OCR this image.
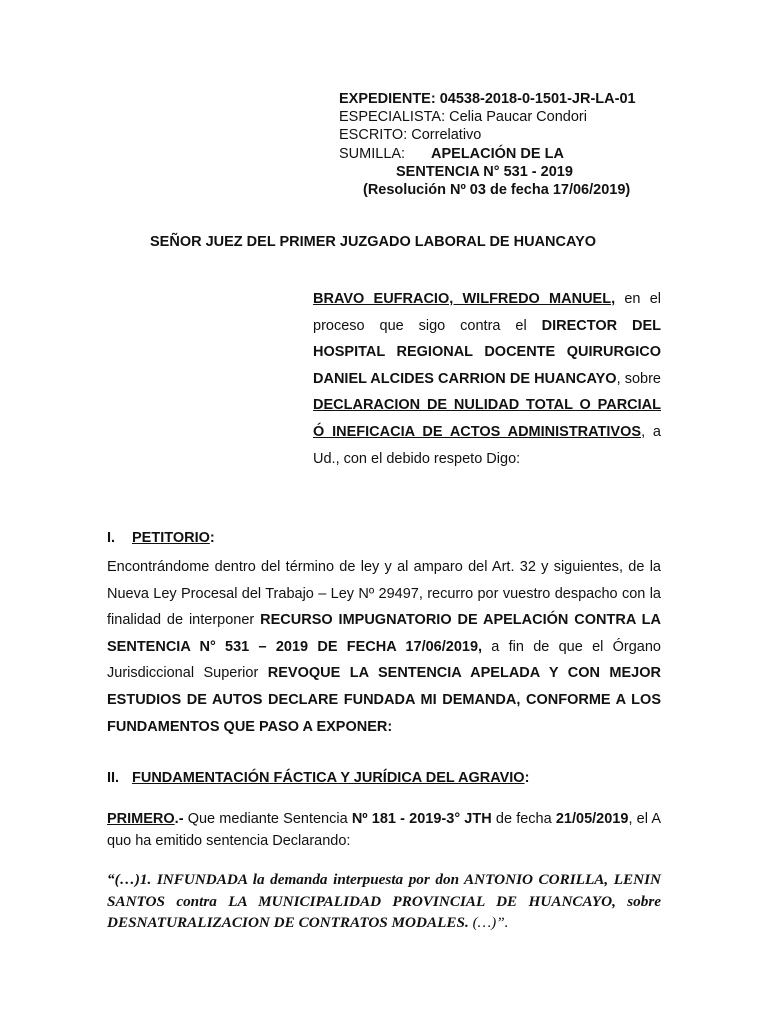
EXPEDIENTE: 04538-2018-0-1501-JR-LA-01
ESPECIALISTA: Celia Paucar Condori
ESCRITO: Correlativo
SUMILLA: APELACIÓN DE LA
SENTENCIA N° 531 - 2019
(Resolución Nº 03 de fecha 17/06/2019)
SEÑOR JUEZ DEL PRIMER JUZGADO LABORAL DE HUANCAYO
BRAVO EUFRACIO, WILFREDO MANUEL, en el proceso que sigo contra el DIRECTOR DEL HOSPITAL REGIONAL DOCENTE QUIRURGICO DANIEL ALCIDES CARRION DE HUANCAYO, sobre DECLARACION DE NULIDAD TOTAL O PARCIAL Ó INEFICACIA DE ACTOS ADMINISTRATIVOS, a Ud., con el debido respeto Digo:
I. PETITORIO:
Encontrándome dentro del término de ley y al amparo del Art. 32 y siguientes, de la Nueva Ley Procesal del Trabajo – Ley Nº 29497, recurro por vuestro despacho con la finalidad de interponer RECURSO IMPUGNATORIO DE APELACIÓN CONTRA LA SENTENCIA N° 531 – 2019 DE FECHA 17/06/2019, a fin de que el Órgano Jurisdiccional Superior REVOQUE LA SENTENCIA APELADA Y CON MEJOR ESTUDIOS DE AUTOS DECLARE FUNDADA MI DEMANDA, CONFORME A LOS FUNDAMENTOS QUE PASO A EXPONER:
II. FUNDAMENTACIÓN FÁCTICA Y JURÍDICA DEL AGRAVIO:
PRIMERO.- Que mediante Sentencia Nº 181 - 2019-3° JTH de fecha 21/05/2019, el A quo ha emitido sentencia Declarando:
“(…)1. INFUNDADA la demanda interpuesta por don ANTONIO CORILLA, LENIN SANTOS contra LA MUNICIPALIDAD PROVINCIAL DE HUANCAYO, sobre DESNATURALIZACION DE CONTRATOS MODALES. (…)”.
